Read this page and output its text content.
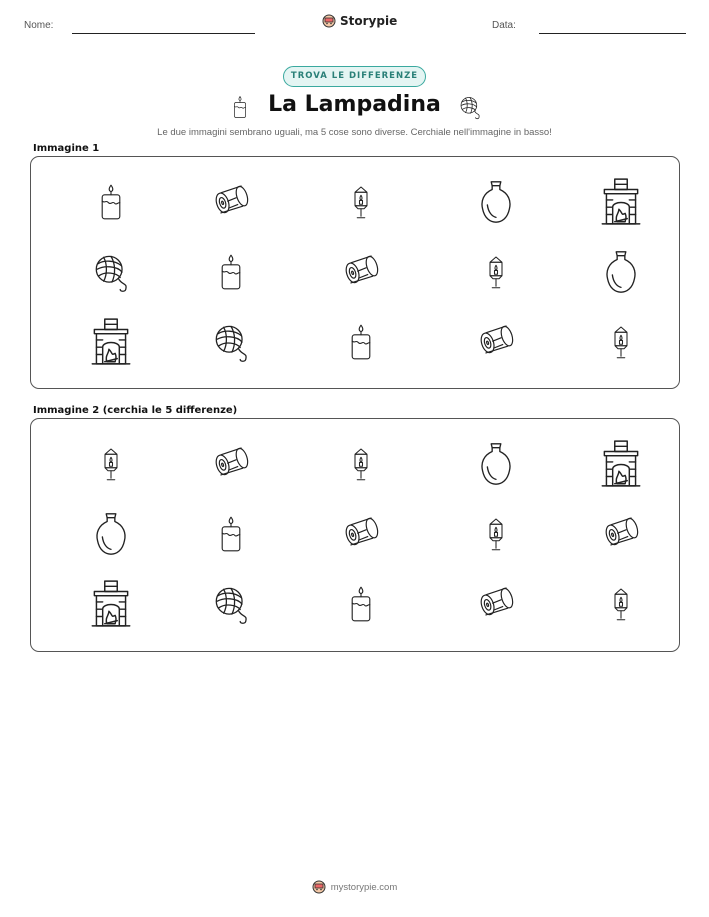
Nome:	Storypie	Data:
TROVA LE DIFFERENZE
La Lampadina
Le due immagini sembrano uguali, ma 5 cose sono diverse. Cerchiale nell'immagine in basso!
Immagine 1
Immagine 2 (cerchia le 5 differenze)
mystorypie.com
